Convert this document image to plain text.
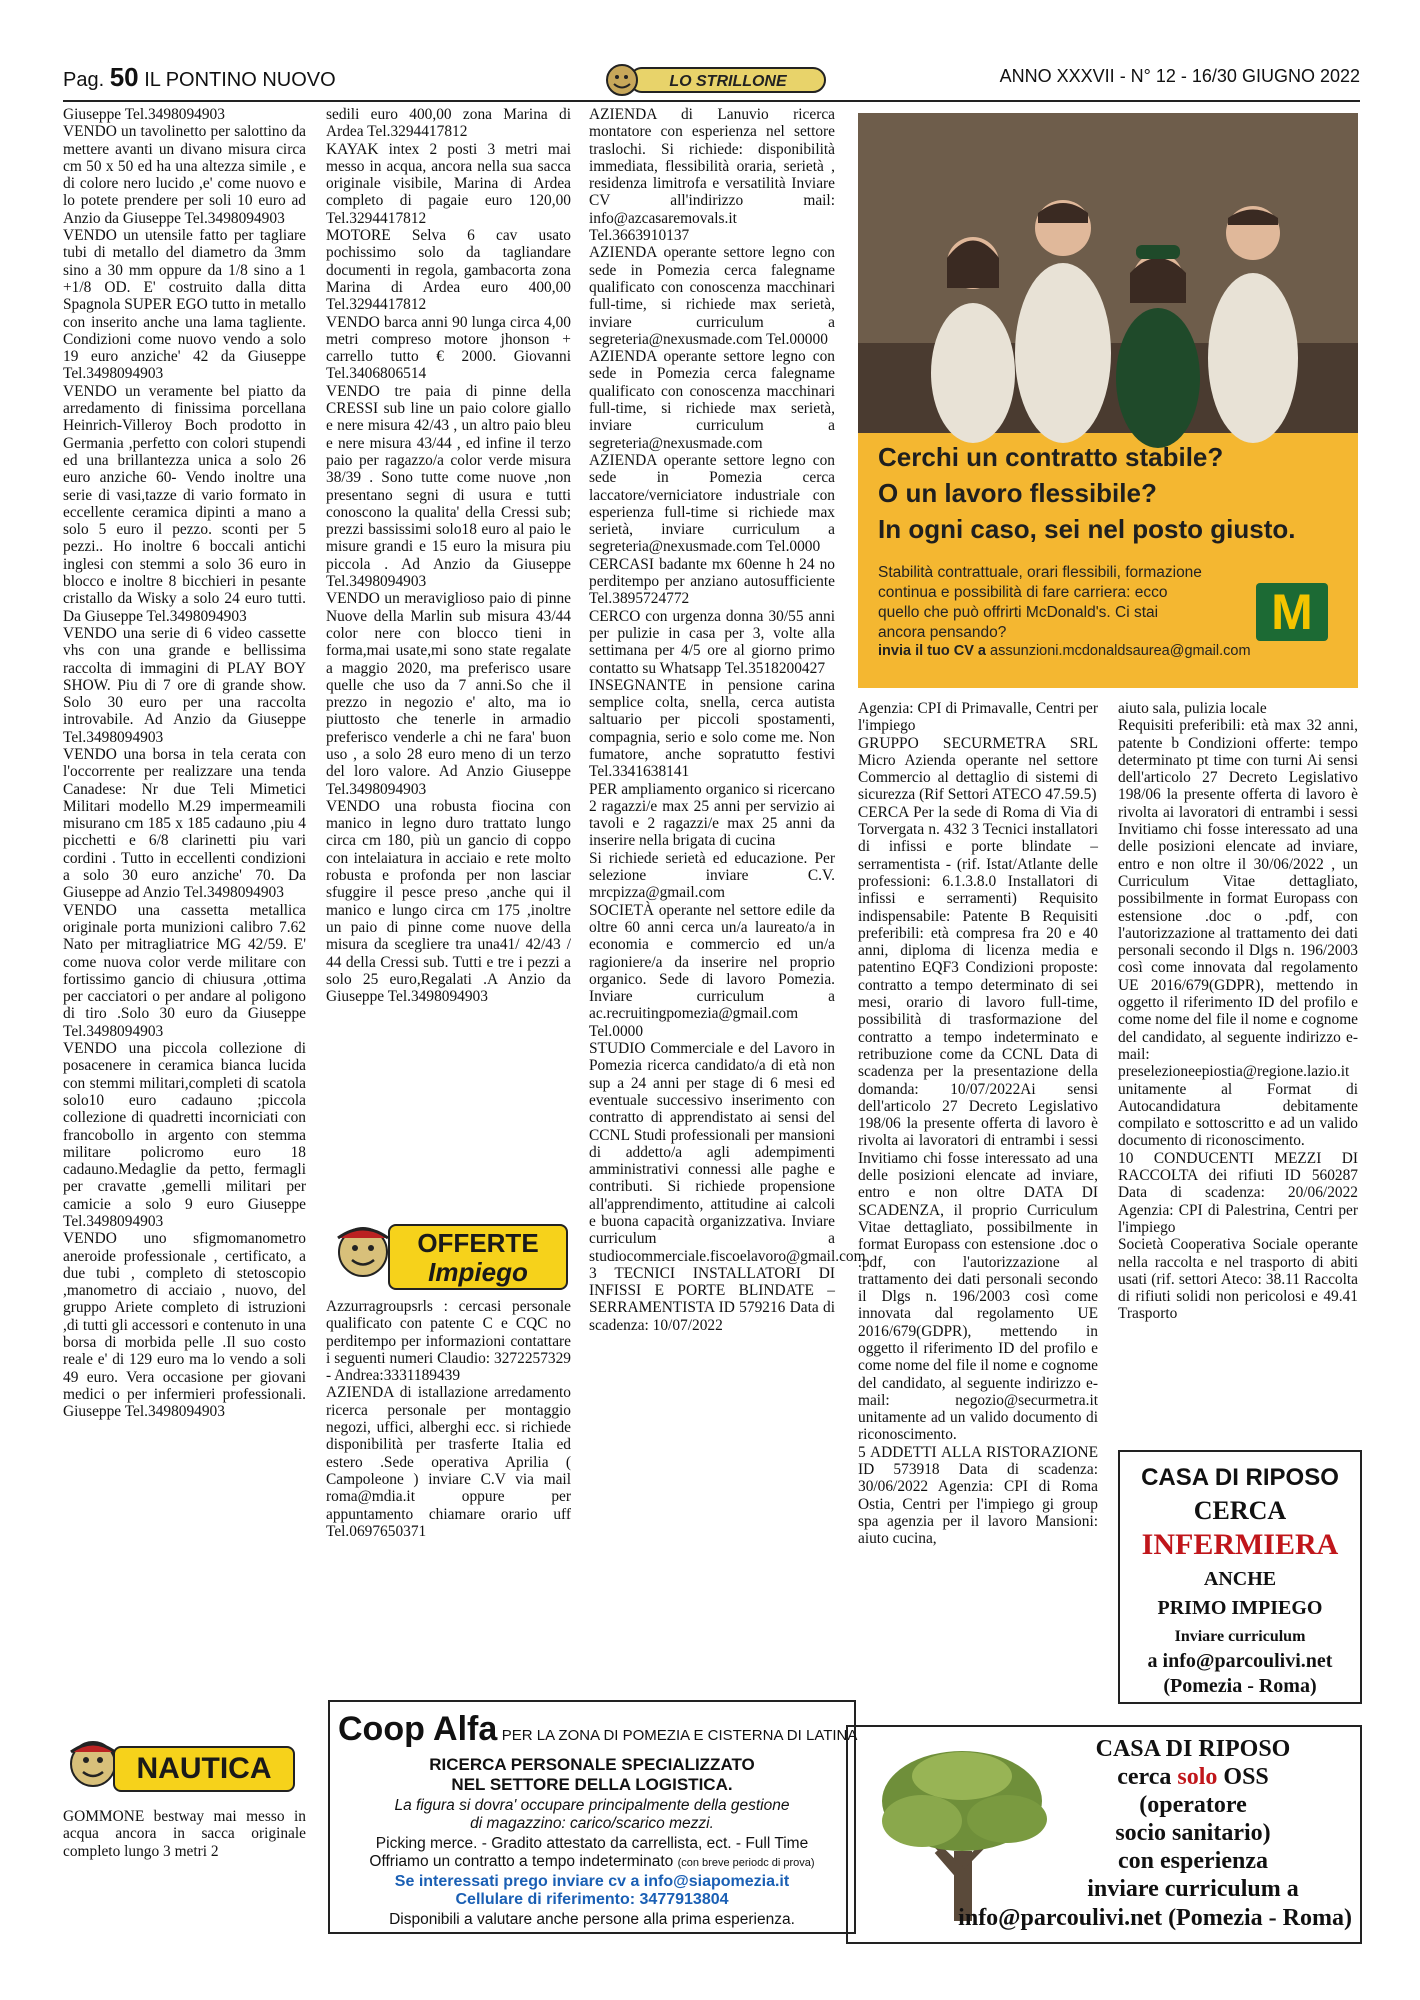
Pag. 50 IL PONTINO NUOVO	LO STRILLONE	ANNO XXXVII - N° 12 - 16/30 GIUGNO 2022

Giuseppe Tel.3498094903

VENDO un tavolinetto per salottino da mettere avanti un divano misura circa cm 50 x 50 ed ha una altezza simile , e di colore nero lucido ,e' come nuovo e lo potete prendere per soli 10 euro ad Anzio da Giuseppe Tel.3498094903

VENDO un utensile fatto per tagliare tubi di metallo del diametro da 3mm sino a 30 mm oppure da 1/8 sino a 1 +1/8 OD. E' costruito dalla ditta Spagnola SUPER EGO tutto in metallo con inserito anche una lama tagliente. Condizioni come nuovo vendo a solo 19 euro anziche' 42 da Giuseppe Tel.3498094903

VENDO un veramente bel piatto da arredamento di finissima porcellana Heinrich-Villeroy Boch prodotto in Germania ,perfetto con colori stupendi ed una brillantezza unica a solo 26 euro anziche 60- Vendo inoltre una serie di vasi,tazze di vario formato in eccellente ceramica dipinti a mano a solo 5 euro il pezzo. sconti per 5 pezzi.. Ho inoltre 6 boccali antichi inglesi con stemmi a solo 36 euro in blocco e inoltre 8 bicchieri in pesante cristallo da Wisky a solo 24 euro tutti. Da Giuseppe Tel.3498094903

VENDO una serie di 6 video cassette vhs con una grande e bellissima raccolta di immagini di PLAY BOY SHOW. Piu di 7 ore di grande show. Solo 30 euro per una raccolta introvabile. Ad Anzio da Giuseppe Tel.3498094903

VENDO una borsa in tela cerata con l'occorrente per realizzare una tenda Canadese: Nr due Teli Mimetici Militari modello M.29 impermeamili misurano cm 185 x 185 cadauno ,piu 4 picchetti e 6/8 clarinetti piu vari cordini . Tutto in eccellenti condizioni a solo 30 euro anziche' 70. Da Giuseppe ad Anzio Tel.3498094903

VENDO una cassetta metallica originale porta munizioni calibro 7.62 Nato per mitragliatrice MG 42/59. E' come nuova color verde militare con fortissimo gancio di chiusura ,ottima per cacciatori o per andare al poligono di tiro .Solo 30 euro da Giuseppe Tel.3498094903

VENDO una piccola collezione di posacenere in ceramica bianca lucida con stemmi militari,completi di scatola solo10 euro cadauno ;piccola collezione di quadretti incorniciati con francobollo in argento con stemma militare policromo euro 18 cadauno.Medaglie da petto, fermagli per cravatte ,gemelli militari per camicie a solo 9 euro Giuseppe Tel.3498094903

VENDO uno sfigmomanometro aneroide professionale , certificato, a due tubi , completo di stetoscopio ,manometro di acciaio , nuovo, del gruppo Ariete completo di istruzioni ,di tutti gli accessori e contenuto in una borsa di morbida pelle .Il suo costo reale e' di 129 euro ma lo vendo a soli 49 euro. Vera occasione per giovani medici o per infermieri professionali. Giuseppe Tel.3498094903

NAUTICA

GOMMONE bestway mai messo in acqua ancora in sacca originale completo lungo 3 metri 2

sedili euro 400,00 zona Marina di Ardea Tel.3294417812

KAYAK intex 2 posti 3 metri mai messo in acqua, ancora nella sua sacca originale visibile, Marina di Ardea completo di pagaie euro 120,00 Tel.3294417812

MOTORE Selva 6 cav usato pochissimo solo da tagliandare documenti in regola, gambacorta zona Marina di Ardea euro 400,00 Tel.3294417812

VENDO barca anni 90 lunga circa 4,00 metri compreso motore jhonson + carrello tutto € 2000. Giovanni Tel.3406806514

VENDO tre paia di pinne della CRESSI sub line un paio colore giallo e nere misura 42/43 , un altro paio bleu e nere misura 43/44 , ed infine il terzo paio per ragazzo/a color verde misura 38/39 . Sono tutte come nuove ,non presentano segni di usura e tutti conoscono la qualita' della Cressi sub; prezzi bassissimi solo18 euro al paio le misure grandi e 15 euro la misura piu piccola . Ad Anzio da Giuseppe Tel.3498094903

VENDO un meraviglioso paio di pinne Nuove della Marlin sub misura 43/44 color nere con blocco tieni in forma,mai usate,mi sono state regalate a maggio 2020, ma preferisco usare quelle che uso da 7 anni.So che il prezzo in negozio e' alto, ma io piuttosto che tenerle in armadio preferisco venderle a chi ne fara' buon uso , a solo 28 euro meno di un terzo del loro valore. Ad Anzio Giuseppe Tel.3498094903

VENDO una robusta fiocina con manico in legno duro trattato lungo circa cm 180, più un gancio di coppo con intelaiatura in acciaio e rete molto robusta e profonda per non lasciar sfuggire il pesce preso ,anche qui il manico e lungo circa cm 175 ,inoltre un paio di pinne come nuove della misura da scegliere tra una41/ 42/43 / 44 della Cressi sub. Tutti e tre i pezzi a solo 25 euro,Regalati .A Anzio da Giuseppe Tel.3498094903

OFFERTE
Impiego

Azzurragroupsrls : cercasi personale qualificato con patente C e CQC no perditempo per informazioni contattare i seguenti numeri Claudio: 3272257329 - Andrea:3331189439

AZIENDA di istallazione arredamento ricerca personale per montaggio negozi, uffici, alberghi ecc. si richiede disponibilità per trasferte Italia ed estero .Sede operativa Aprilia ( Campoleone ) inviare C.V via mail roma@mdia.it oppure per appuntamento chiamare orario uff Tel.0697650371

AZIENDA di Lanuvio ricerca montatore con esperienza nel settore traslochi. Si richiede: disponibilità immediata, flessibilità oraria, serietà , residenza limitrofa e versatilità Inviare CV all'indirizzo mail: info@azcasaremovals.it Tel.3663910137

AZIENDA operante settore legno con sede in Pomezia cerca falegname qualificato con conoscenza macchinari full-time, si richiede max serietà, inviare curriculum a segreteria@nexusmade.com Tel.00000

AZIENDA operante settore legno con sede in Pomezia cerca falegname qualificato con conoscenza macchinari full-time, si richiede max serietà, inviare curriculum a segreteria@nexusmade.com

AZIENDA operante settore legno con sede in Pomezia cerca laccatore/verniciatore industriale con esperienza full-time si richiede max serietà, inviare curriculum a segreteria@nexusmade.com Tel.0000

CERCASI badante mx 60enne h 24 no perditempo per anziano autosufficiente Tel.3895724772

CERCO con urgenza donna 30/55 anni per pulizie in casa per 3, volte alla settimana per 4/5 ore al giorno primo contatto su Whatsapp Tel.3518200427

INSEGNANTE in pensione carina semplice colta, snella, cerca autista saltuario per piccoli spostamenti, compagnia, serio e solo come me. Non fumatore, anche sopratutto festivi Tel.3341638141

PER ampliamento organico si ricercano 2 ragazzi/e max 25 anni per servizio ai tavoli e 2 ragazzi/e max 25 anni da inserire nella brigata di cucina

Si richiede serietà ed educazione. Per selezione inviare C.V. mrcpizza@gmail.com

SOCIETÀ operante nel settore edile da oltre 60 anni cerca un/a laureato/a in economia e commercio ed un/a ragioniere/a da inserire nel proprio organico. Sede di lavoro Pomezia. Inviare curriculum a ac.recruitingpomezia@gmail.com Tel.0000

STUDIO Commerciale e del Lavoro in Pomezia ricerca candidato/a di età non sup a 24 anni per stage di 6 mesi ed eventuale successivo inserimento con contratto di apprendistato ai sensi del CCNL Studi professionali per mansioni di addetto/a agli adempimenti amministrativi connessi alle paghe e contributi. Si richiede propensione all'apprendimento, attitudine ai calcoli e buona capacità organizzativa. Inviare curriculum a studiocommerciale.fiscoelavoro@gmail.com

3 TECNICI INSTALLATORI DI INFISSI E PORTE BLINDATE – SERRAMENTISTA ID 579216 Data di scadenza: 10/07/2022

Cerchi un contratto stabile?
O un lavoro flessibile?
In ogni caso, sei nel posto giusto.
Stabilità contrattuale, orari flessibili, formazione continua e possibilità di fare carriera: ecco quello che può offrirti McDonald's. Ci stai ancora pensando?	M
invia il tuo CV a assunzioni.mcdonaldsaurea@gmail.com

Agenzia: CPI di Primavalle, Centri per l'impiego

GRUPPO SECURMETRA SRL Micro Azienda operante nel settore Commercio al dettaglio di sistemi di sicurezza (Rif Settori ATECO 47.59.5)

CERCA Per la sede di Roma di Via di Torvergata n. 432 3 Tecnici installatori di infissi e porte blindate – serramentista - (rif. Istat/Atlante delle professioni: 6.1.3.8.0 Installatori di infissi e serramenti) Requisito indispensabile: Patente B Requisiti preferibili: età compresa fra 20 e 40 anni, diploma di licenza media e patentino EQF3 Condizioni proposte: contratto a tempo determinato di sei mesi, orario di lavoro full-time, possibilità di trasformazione del contratto a tempo indeterminato e retribuzione come da CCNL Data di scadenza per la presentazione della domanda: 10/07/2022Ai sensi dell'articolo 27 Decreto Legislativo 198/06 la presente offerta di lavoro è rivolta ai lavoratori di entrambi i sessi Invitiamo chi fosse interessato ad una delle posizioni elencate ad inviare, entro e non oltre DATA DI SCADENZA, il proprio Curriculum Vitae dettagliato, possibilmente in format Europass con estensione .doc o .pdf, con l'autorizzazione al trattamento dei dati personali secondo il Dlgs n. 196/2003 così come innovata dal regolamento UE 2016/679(GDPR), mettendo in oggetto il riferimento ID del profilo e come nome del file il nome e cognome del candidato, al seguente indirizzo e-mail: negozio@securmetra.it unitamente ad un valido documento di riconoscimento.

5 ADDETTI ALLA RISTORAZIONE ID 573918 Data di scadenza: 30/06/2022 Agenzia: CPI di Roma Ostia, Centri per l'impiego gi group spa agenzia per il lavoro Mansioni: aiuto cucina,

aiuto sala, pulizia locale

Requisiti preferibili: età max 32 anni, patente b Condizioni offerte: tempo determinato pt time con turni Ai sensi dell'articolo 27 Decreto Legislativo 198/06 la presente offerta di lavoro è rivolta ai lavoratori di entrambi i sessi Invitiamo chi fosse interessato ad una delle posizioni elencate ad inviare, entro e non oltre il 30/06/2022 , un Curriculum Vitae dettagliato, possibilmente in format Europass con estensione .doc o .pdf, con l'autorizzazione al trattamento dei dati personali secondo il Dlgs n. 196/2003 così come innovata dal regolamento UE 2016/679(GDPR), mettendo in oggetto il riferimento ID del profilo e come nome del file il nome e cognome del candidato, al seguente indirizzo e-mail: preselezioneepiostia@regione.lazio.it unitamente al Format di Autocandidatura debitamente compilato e sottoscritto e ad un valido documento di riconoscimento.

10 CONDUCENTI MEZZI DI RACCOLTA dei rifiuti ID 560287 Data di scadenza: 20/06/2022 Agenzia: CPI di Palestrina, Centri per l'impiego

Società Cooperativa Sociale operante nella raccolta e nel trasporto di abiti usati (rif. settori Ateco: 38.11 Raccolta di rifiuti solidi non pericolosi e 49.41 Trasporto

CASA DI RIPOSO
CERCA
INFERMIERA
ANCHE
PRIMO IMPIEGO
Inviare curriculum
a info@parcoulivi.net
(Pomezia - Roma)
Coop Alfa PER LA ZONA DI POMEZIA E CISTERNA DI LATINA
RICERCA PERSONALE SPECIALIZZATO
NEL SETTORE DELLA LOGISTICA.
La figura si dovra' occupare principalmente della gestione
di magazzino: carico/scarico mezzi.
Picking merce. - Gradito attestato da carrellista, ect. - Full Time
Offriamo un contratto a tempo indeterminato (con breve periodc di prova)
Se interessati prego inviare cv a info@siapomezia.it
Cellulare di riferimento: 3477913804
Disponibili a valutare anche persone alla prima esperienza.
CASA DI RIPOSO
cerca solo OSS
(operatore
socio sanitario)
con esperienza
inviare curriculum a
info@parcoulivi.net (Pomezia - Roma)
